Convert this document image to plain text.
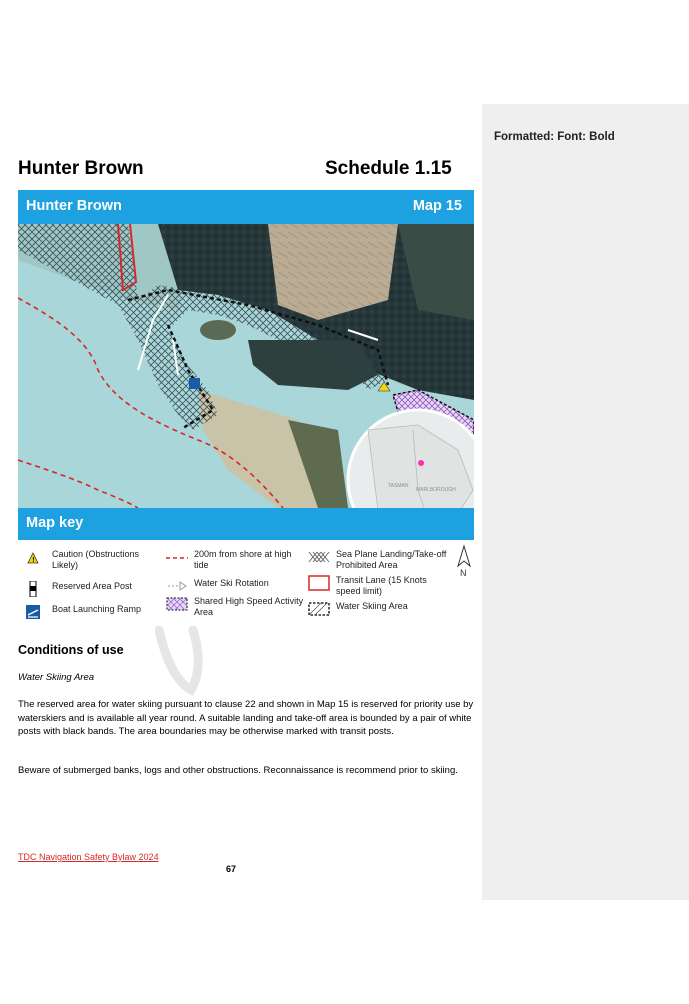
Formatted: Font: Bold
Hunter Brown	Schedule 1.15
TASMAN
MARLBOROUGH
Hunter Brown	Map 15
Map key
!
Caution (Obstructions Likely)
Reserved Area Post
Boat Launching Ramp
200m from shore at high tide
Water Ski Rotation
Shared High Speed Activity Area
Sea Plane Landing/Take-off Prohibited Area
Transit Lane (15 Knots speed limit)
Water Skiing Area
N
Conditions of use
Water Skiing Area
The reserved area for water skiing pursuant to clause 22 and shown in Map 15 is reserved for priority use by waterskiers and is available all year round. A suitable landing and take-off area is bounded by a pair of white posts with black bands. The area boundaries may be otherwise marked with transit posts.
Beware of submerged banks, logs and other obstructions. Reconnaissance is recommend prior to skiing.
TDC Navigation Safety Bylaw 2024
67
